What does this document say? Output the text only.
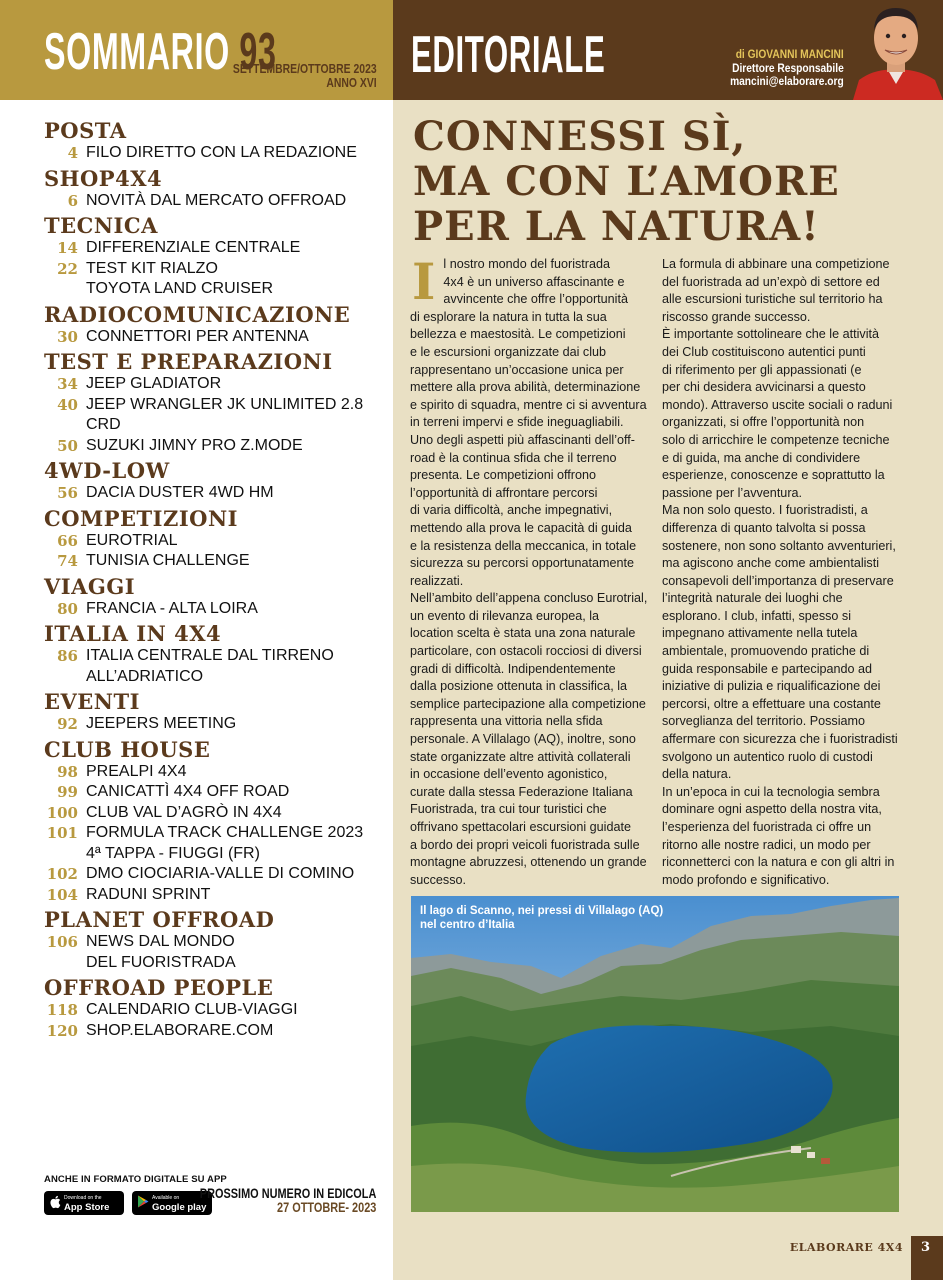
SOMMARIO 93
SETTEMBRE/OTTOBRE 2023
ANNO XVI
POSTA
4 FILO DIRETTO CON LA REDAZIONE
SHOP4X4
6 NOVITÀ DAL MERCATO OFFROAD
TECNICA
14 DIFFERENZIALE CENTRALE
22 TEST KIT RIALZO
TOYOTA LAND CRUISER
RADIOCOMUNICAZIONE
30 CONNETTORI PER ANTENNA
TEST E PREPARAZIONI
34 JEEP GLADIATOR
40 JEEP WRANGLER JK UNLIMITED 2.8
CRD
50 SUZUKI JIMNY PRO Z.MODE
4WD-LOW
56 DACIA DUSTER 4WD HM
COMPETIZIONI
66 EUROTRIAL
74 TUNISIA CHALLENGE
VIAGGI
80 FRANCIA - ALTA LOIRA
ITALIA IN 4X4
86 ITALIA CENTRALE DAL TIRRENO
ALL’ADRIATICO
EVENTI
92 JEEPERS MEETING
CLUB HOUSE
98 PREALPI 4X4
99 CANICATTÌ 4X4 OFF ROAD
100 CLUB VAL D’AGRÒ IN 4X4
101 FORMULA TRACK CHALLENGE 2023
4ª TAPPA - FIUGGI (FR)
102 DMO CIOCIARIA-VALLE DI COMINO
104 RADUNI SPRINT
PLANET OFFROAD
106 NEWS DAL MONDO
DEL FUORISTRADA
OFFROAD PEOPLE
118 CALENDARIO CLUB-VIAGGI
120 SHOP.ELABORARE.COM
ANCHE IN FORMATO DIGITALE SU APP
Download on the
App Store
Available on
Google play
PROSSIMO NUMERO IN EDICOLA
27 OTTOBRE- 2023
EDITORIALE	di GIOVANNI MANCINI
Direttore Responsabile
mancini@elaborare.org
CONNESSI SÌ,
MA CON L’AMORE
PER LA NATURA!

Il nostro mondo del fuoristrada
4x4 è un universo affascinante e
avvincente che offre l’opportunità
di esplorare la natura in tutta la sua
bellezza e maestosità. Le competizioni
e le escursioni organizzate dai club
rappresentano un’occasione unica per
mettere alla prova abilità, determinazione
e spirito di squadra, mentre ci si avventura
in terreni impervi e sfide ineguagliabili.
Uno degli aspetti più affascinanti dell’off-
road è la continua sfida che il terreno
presenta. Le competizioni offrono
l’opportunità di affrontare percorsi
di varia difficoltà, anche impegnativi,
mettendo alla prova le capacità di guida
e la resistenza della meccanica, in totale
sicurezza su percorsi opportunatamente
realizzati.

Nell’ambito dell’appena concluso Eurotrial,
un evento di rilevanza europea, la
location scelta è stata una zona naturale
particolare, con ostacoli rocciosi di diversi
gradi di difficoltà. Indipendentemente
dalla posizione ottenuta in classifica, la
semplice partecipazione alla competizione
rappresenta una vittoria nella sfida
personale. A Villalago (AQ), inoltre, sono
state organizzate altre attività collaterali
in occasione dell’evento agonistico,
curate dalla stessa Federazione Italiana
Fuoristrada, tra cui tour turistici che
offrivano spettacolari escursioni guidate
a bordo dei propri veicoli fuoristrada sulle
montagne abruzzesi, ottenendo un grande
successo.

La formula di abbinare una competizione
del fuoristrada ad un’expò di settore ed
alle escursioni turistiche sul territorio ha
riscosso grande successo.

È importante sottolineare che le attività
dei Club costituiscono autentici punti
di riferimento per gli appassionati (e
per chi desidera avvicinarsi a questo
mondo). Attraverso uscite sociali o raduni
organizzati, si offre l’opportunità non
solo di arricchire le competenze tecniche
e di guida, ma anche di condividere
esperienze, conoscenze e soprattutto la
passione per l’avventura.

Ma non solo questo. I fuoristradisti, a
differenza di quanto talvolta si possa
sostenere, non sono soltanto avventurieri,
ma agiscono anche come ambientalisti
consapevoli dell’importanza di preservare
l’integrità naturale dei luoghi che
esplorano. I club, infatti, spesso si
impegnano attivamente nella tutela
ambientale, promuovendo pratiche di
guida responsabile e partecipando ad
iniziative di pulizia e riqualificazione dei
percorsi, oltre a effettuare una costante
sorveglianza del territorio. Possiamo
affermare con sicurezza che i fuoristradisti
svolgono un autentico ruolo di custodi
della natura.

In un’epoca in cui la tecnologia sembra
dominare ogni aspetto della nostra vita,
l’esperienza del fuoristrada ci offre un
ritorno alle nostre radici, un modo per
riconnetterci con la natura e con gli altri in
modo profondo e significativo.

Il lago di Scanno, nei pressi di Villalago (AQ)
nel centro d’Italia
ELABORARE 4X4 3
